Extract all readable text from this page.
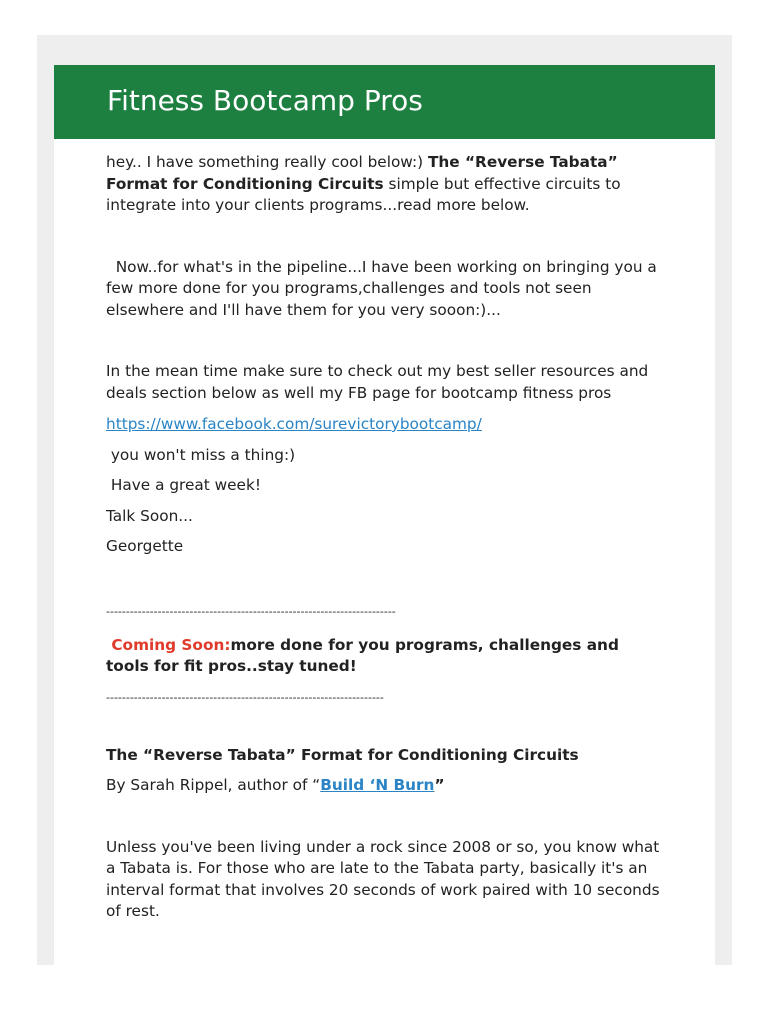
Fitness Bootcamp Pros

hey.. I have something really cool below:) The “Reverse Tabata” Format for Conditioning Circuits simple but effective circuits to integrate into your clients programs...read more below.

Now..for what's in the pipeline...I have been working on bringing you a few more done for you programs,challenges and tools not seen elsewhere and I'll have them for you very sooon:)...

In the mean time make sure to check out my best seller resources and deals section below as well my FB page for bootcamp fitness pros

https://www.facebook.com/surevictorybootcamp/

you won't miss a thing:)

Have a great week!

Talk Soon...

Georgette

-------------------------------------------------------------------------

Coming Soon:more done for you programs, challenges and tools for fit pros..stay tuned!

----------------------------------------------------------------------

The “Reverse Tabata” Format for Conditioning Circuits

By Sarah Rippel, author of “Build ‘N Burn”

Unless you've been living under a rock since 2008 or so, you know what a Tabata is. For those who are late to the Tabata party, basically it's an interval format that involves 20 seconds of work paired with 10 seconds of rest.
